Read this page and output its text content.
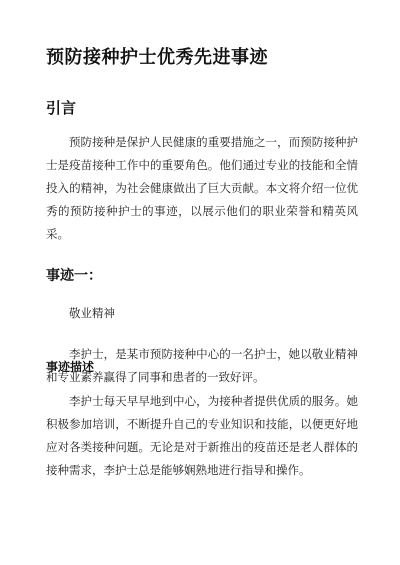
预防接种护士优秀先进事迹
引言

预防接种是保护人民健康的重要措施之一，而预防接种护士是疫苗接种工作中的重要角色。他们通过专业的技能和全情投入的精神，为社会健康做出了巨大贡献。本文将介绍一位优秀的预防接种护士的事迹，以展示他们的职业荣誉和精英风采。

事迹一：

敬业精神

李护士，是某市预防接种中心的一名护士，她以敬业精神和专业素养赢得了同事和患者的一致好评。

事迹描述

李护士每天早早地到中心，为接种者提供优质的服务。她积极参加培训，不断提升自己的专业知识和技能，以便更好地应对各类接种问题。无论是对于新推出的疫苗还是老人群体的接种需求，李护士总是能够娴熟地进行指导和操作。
